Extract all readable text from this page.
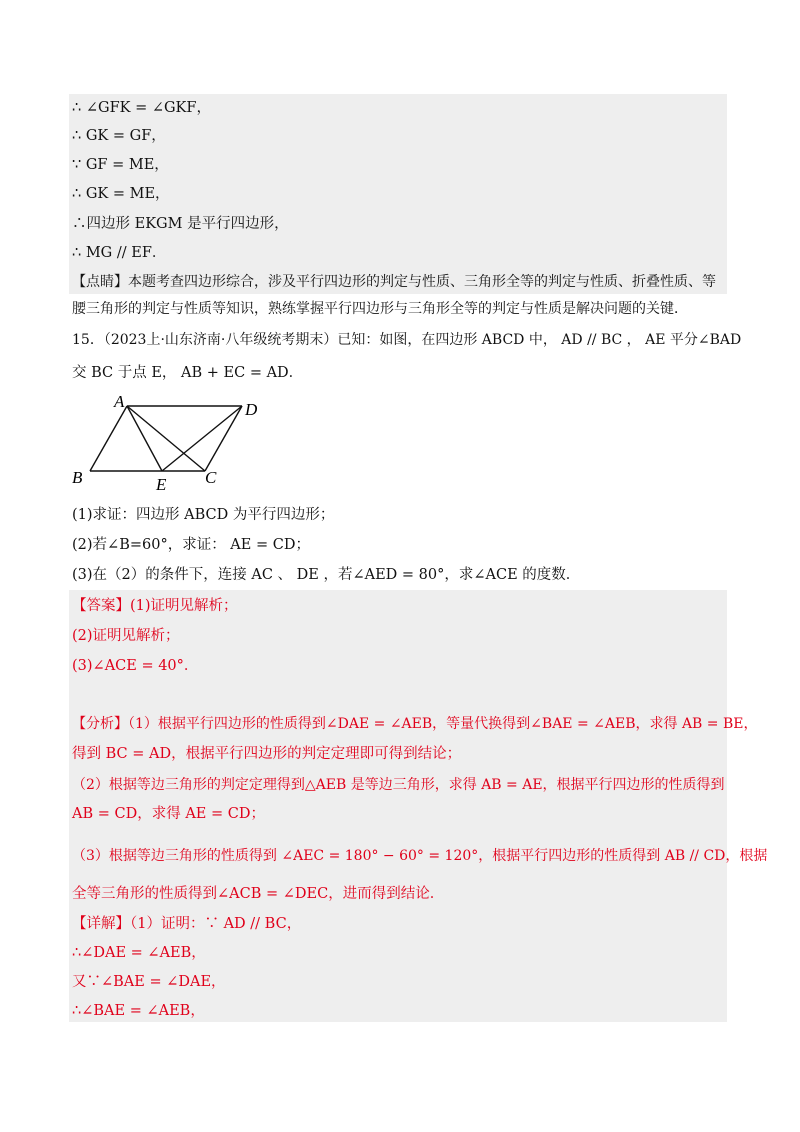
∴ ∠GFK = ∠GKF，
∴ GK = GF，
∵ GF = ME，
∴ GK = ME，
∴四边形 EKGM 是平行四边形，
∴ MG // EF．
【点睛】本题考查四边形综合，涉及平行四边形的判定与性质、三角形全等的判定与性质、折叠性质、等
腰三角形的判定与性质等知识，熟练掌握平行四边形与三角形全等的判定与性质是解决问题的关键．
15．（2023上·山东济南·八年级统考期末）已知：如图，在四边形 ABCD 中， AD // BC ， AE 平分∠BAD
交 BC 于点 E， AB + EC = AD．
A	D
B	E C
(1)求证：四边形 ABCD 为平行四边形；
(2)若∠B=60°，求证： AE = CD；
(3)在（2）的条件下，连接 AC 、 DE ，若∠AED = 80°，求∠ACE 的度数．
【答案】(1)证明见解析；
(2)证明见解析；
(3)∠ACE = 40°．
【分析】（1）根据平行四边形的性质得到∠DAE = ∠AEB，等量代换得到∠BAE = ∠AEB，求得 AB = BE，
得到 BC = AD，根据平行四边形的判定定理即可得到结论；
（2）根据等边三角形的判定定理得到△AEB 是等边三角形，求得 AB = AE，根据平行四边形的性质得到
AB = CD，求得 AE = CD；
（3）根据等边三角形的性质得到 ∠AEC = 180° − 60° = 120°，根据平行四边形的性质得到 AB // CD，根据
全等三角形的性质得到∠ACB = ∠DEC，进而得到结论．
【详解】（1）证明：∵ AD // BC，
∴∠DAE = ∠AEB，
又∵∠BAE = ∠DAE，
∴∠BAE = ∠AEB，
